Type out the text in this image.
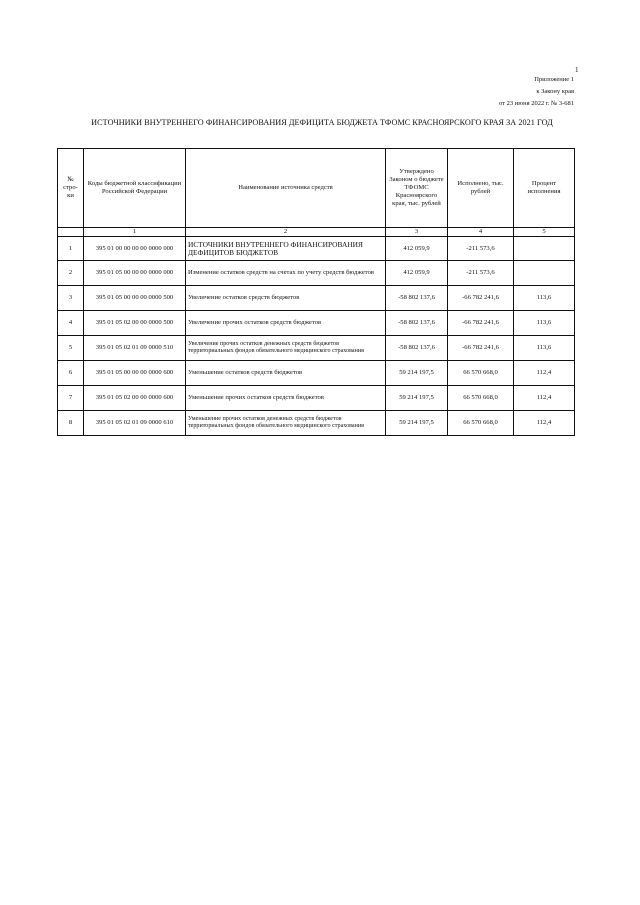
1
Приложение 1
к Закону края
от 23 июня 2022 г. № 3-681
ИСТОЧНИКИ ВНУТРЕННЕГО ФИНАНСИРОВАНИЯ ДЕФИЦИТА БЮДЖЕТА ТФОМС КРАСНОЯРСКОГО КРАЯ ЗА 2021 ГОД
№ стро- ки	Коды бюджетной классификации Российской Федерации	Наименование источника средств	Утверждено Законом о бюджете ТФОМС Красноярского края, тыс. рублей	Исполнено, тыс. рублей	Процент исполнения
	1	2	3	4	5
1	395 01 00 00 00 00 0000 000	ИСТОЧНИКИ ВНУТРЕННЕГО ФИНАНСИРОВАНИЯ ДЕФИЦИТОВ БЮДЖЕТОВ	412 059,9	-211 573,6	
2	395 01 05 00 00 00 0000 000	Изменение остатков средств на счетах по учету средств бюджетов	412 059,9	-211 573,6	
3	395 01 05 00 00 00 0000 500	Увеличение остатков средств бюджетов	-58 802 137,6	-66 782 241,6	113,6
4	395 01 05 02 00 00 0000 500	Увеличение прочих остатков средств бюджетов	-58 802 137,6	-66 782 241,6	113,6
5	395 01 05 02 01 09 0000 510	Увеличение прочих остатков денежных средств бюджетов территориальных фондов обязательного медицинского страхования	-58 802 137,6	-66 782 241,6	113,6
6	395 01 05 00 00 00 0000 600	Уменьшение остатков средств бюджетов	59 214 197,5	66 570 668,0	112,4
7	395 01 05 02 00 00 0000 600	Уменьшение прочих остатков средств бюджетов	59 214 197,5	66 570 668,0	112,4
8	395 01 05 02 01 09 0000 610	Уменьшение прочих остатков денежных средств бюджетов территориальных фондов обязательного медицинского страхования	59 214 197,5	66 570 668,0	112,4
